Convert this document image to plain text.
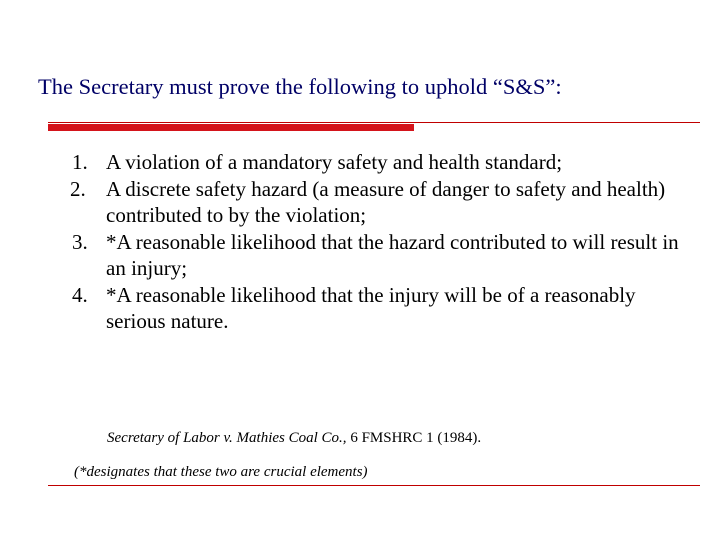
The Secretary must prove the following to uphold “S&S”:
1. A violation of a mandatory safety and health standard;
2. A discrete safety hazard (a measure of danger to safety and health) contributed to by the violation;
3. *A reasonable likelihood that the hazard contributed to will result in an injury;
4. *A reasonable likelihood that the injury will be of a reasonably serious nature.
Secretary of Labor v. Mathies Coal Co., 6 FMSHRC 1 (1984).
(*designates that these two are crucial elements)
